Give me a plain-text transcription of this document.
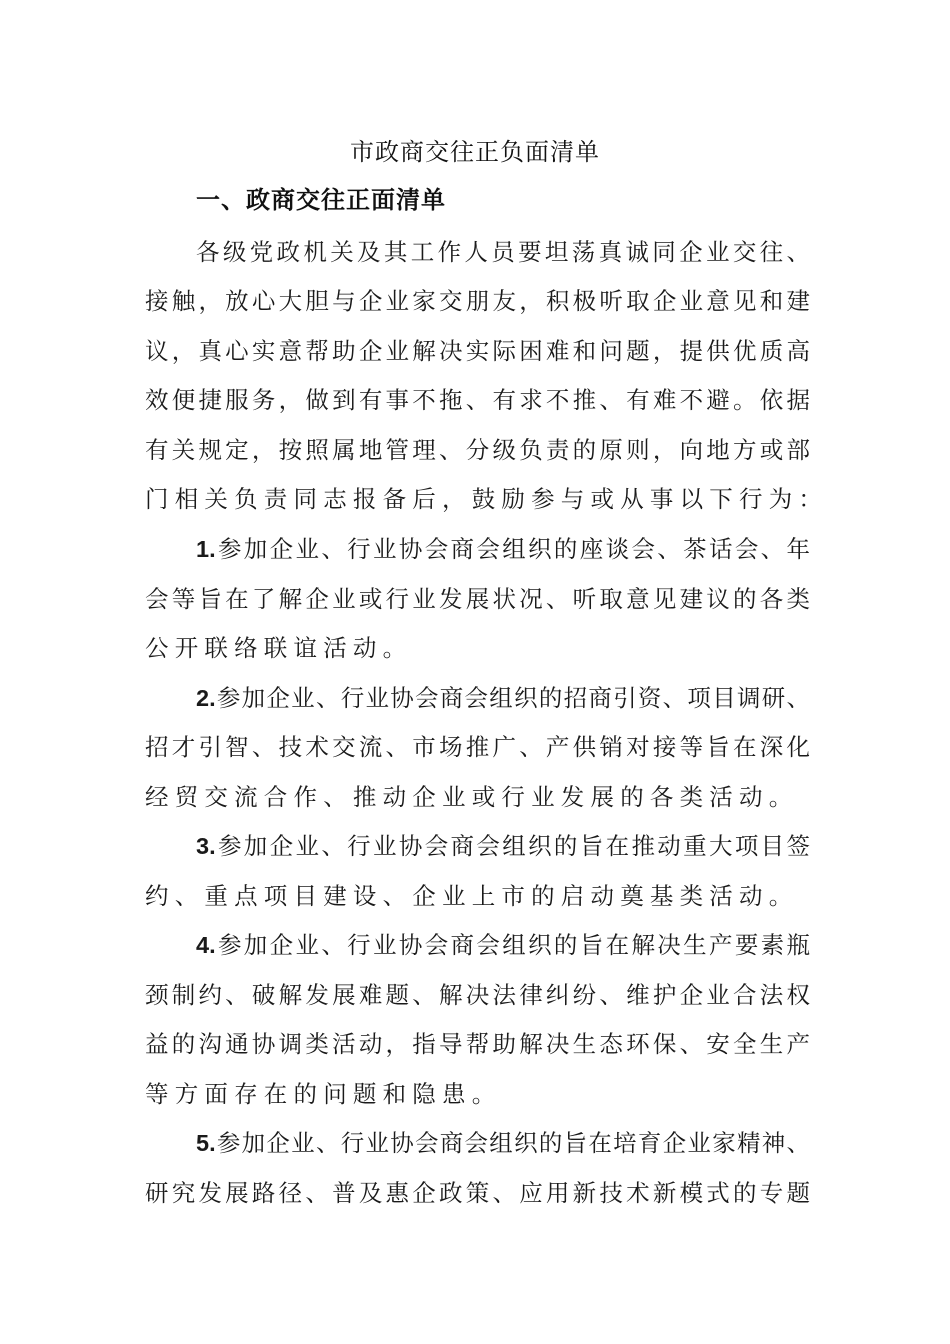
市政商交往正负面清单
一、政商交往正面清单
各级党政机关及其工作人员要坦荡真诚同企业交往、
接触，放心大胆与企业家交朋友，积极听取企业意见和建
议，真心实意帮助企业解决实际困难和问题，提供优质高
效便捷服务，做到有事不拖、有求不推、有难不避。依据
有关规定，按照属地管理、分级负责的原则，向地方或部
门相关负责同志报备后，鼓励参与或从事以下行为：
1.参加企业、行业协会商会组织的座谈会、茶话会、年
会等旨在了解企业或行业发展状况、听取意见建议的各类
公开联络联谊活动。
2.参加企业、行业协会商会组织的招商引资、项目调研、
招才引智、技术交流、市场推广、产供销对接等旨在深化
经贸交流合作、推动企业或行业发展的各类活动。
3.参加企业、行业协会商会组织的旨在推动重大项目签
约、重点项目建设、企业上市的启动奠基类活动。
4.参加企业、行业协会商会组织的旨在解决生产要素瓶
颈制约、破解发展难题、解决法律纠纷、维护企业合法权
益的沟通协调类活动，指导帮助解决生态环保、安全生产
等方面存在的问题和隐患。
5.参加企业、行业协会商会组织的旨在培育企业家精神、
研究发展路径、普及惠企政策、应用新技术新模式的专题
